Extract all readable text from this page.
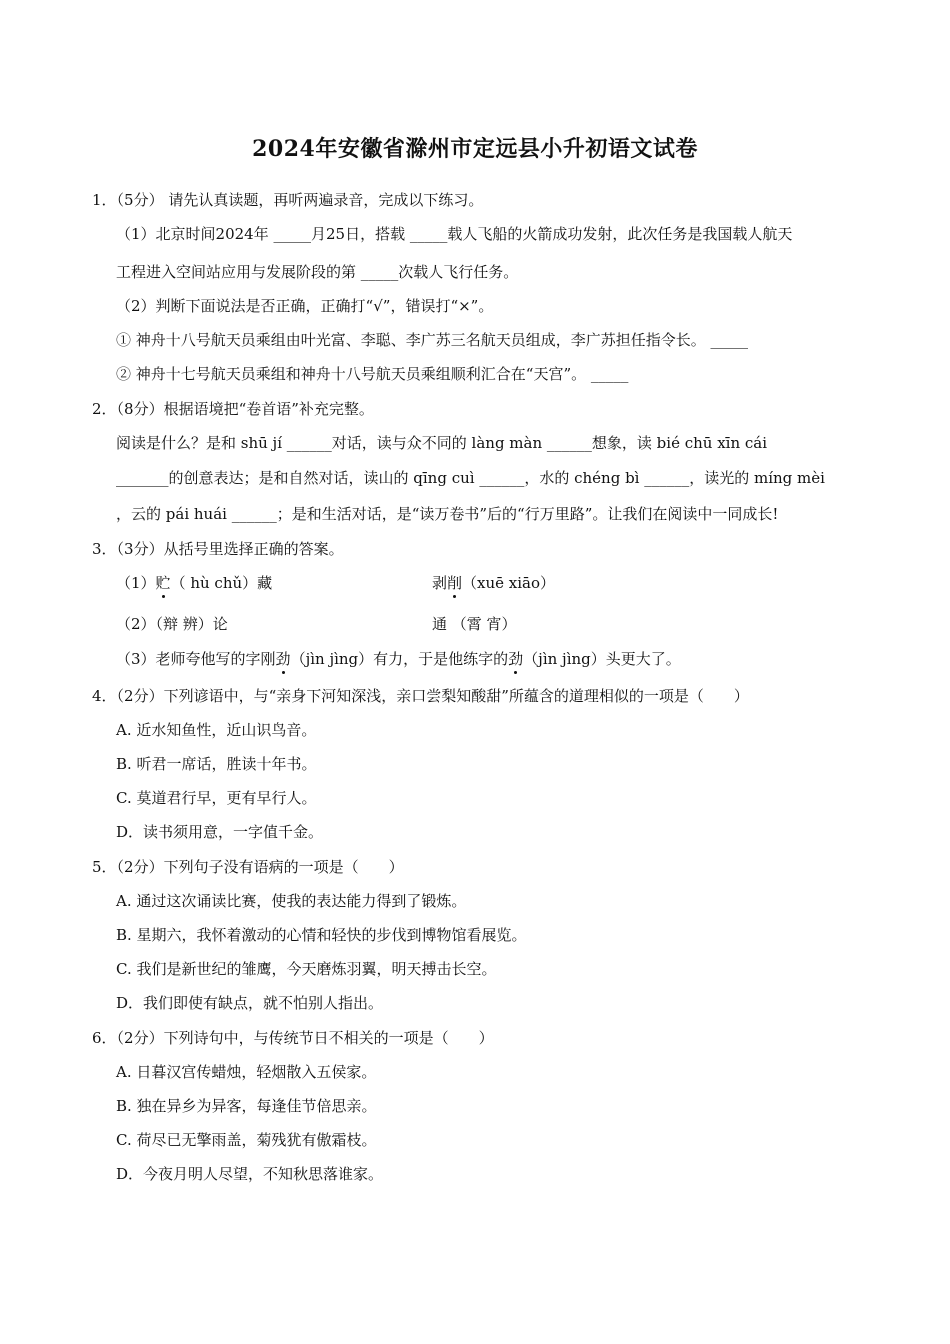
2024年安徽省滁州市定远县小升初语文试卷
1．（5分） 请先认真读题，再听两遍录音，完成以下练习。
（1）北京时间2024年 _____月25日，搭载 _____载人飞船的火箭成功发射，此次任务是我国载人航天
工程进入空间站应用与发展阶段的第 _____次载人飞行任务。
（2）判断下面说法是否正确，正确打“√”，错误打“×”。
① 神舟十八号航天员乘组由叶光富、李聪、李广苏三名航天员组成，李广苏担任指令长。 _____
② 神舟十七号航天员乘组和神舟十八号航天员乘组顺利汇合在“天宫”。 _____
2．（8分）根据语境把“卷首语”补充完整。
阅读是什么？是和 shū jí ______对话，读与众不同的 làng màn ______想象，读 bié chū xīn cái
_______的创意表达；是和自然对话，读山的 qīng cuì ______，水的 chéng bì ______，读光的 míng mèi
，云的 pái huái ______；是和生活对话，是“读万卷书”后的“行万里路”。让我们在阅读中一同成长!
3．（3分）从括号里选择正确的答案。
（1）贮（ hù chǔ）藏	剥削（xuē xiāo）
（2）（辩 辨）论	通 （霄 宵）
（3）老师夸他写的字刚劲（jìn jìng）有力，于是他练字的劲（jìn jìng）头更大了。
4．（2分）下列谚语中，与“亲身下河知深浅，亲口尝梨知酸甜”所蕴含的道理相似的一项是（　　）
A. 近水知鱼性，近山识鸟音。
B. 听君一席话，胜读十年书。
C. 莫道君行早，更有早行人。
D．读书须用意，一字值千金。
5．（2分）下列句子没有语病的一项是（　　）
A. 通过这次诵读比赛，使我的表达能力得到了锻炼。
B. 星期六，我怀着激动的心情和轻快的步伐到博物馆看展览。
C. 我们是新世纪的雏鹰，今天磨炼羽翼，明天搏击长空。
D．我们即使有缺点，就不怕别人指出。
6．（2分）下列诗句中，与传统节日不相关的一项是（　　）
A. 日暮汉宫传蜡烛，轻烟散入五侯家。
B. 独在异乡为异客，每逢佳节倍思亲。
C. 荷尽已无擎雨盖，菊残犹有傲霜枝。
D．今夜月明人尽望，不知秋思落谁家。
